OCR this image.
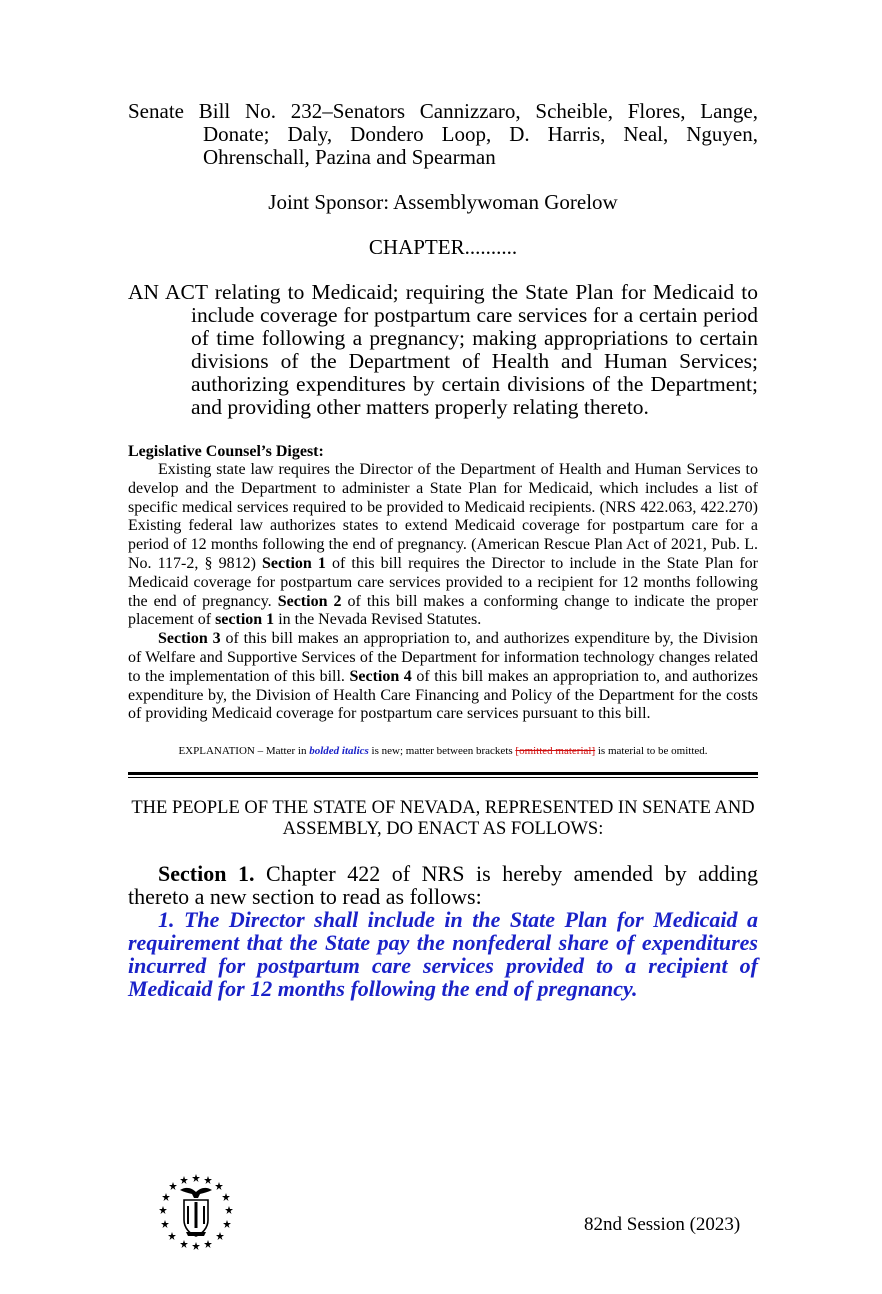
Senate Bill No. 232–Senators Cannizzaro, Scheible, Flores, Lange, Donate; Daly, Dondero Loop, D. Harris, Neal, Nguyen, Ohrenschall, Pazina and Spearman

Joint Sponsor: Assemblywoman Gorelow

CHAPTER..........

AN ACT relating to Medicaid; requiring the State Plan for Medicaid to include coverage for postpartum care services for a certain period of time following a pregnancy; making appropriations to certain divisions of the Department of Health and Human Services; authorizing expenditures by certain divisions of the Department; and providing other matters properly relating thereto.

Legislative Counsel’s Digest:

Existing state law requires the Director of the Department of Health and Human Services to develop and the Department to administer a State Plan for Medicaid, which includes a list of specific medical services required to be provided to Medicaid recipients. (NRS 422.063, 422.270) Existing federal law authorizes states to extend Medicaid coverage for postpartum care for a period of 12 months following the end of pregnancy. (American Rescue Plan Act of 2021, Pub. L. No. 117-2, § 9812) Section 1 of this bill requires the Director to include in the State Plan for Medicaid coverage for postpartum care services provided to a recipient for 12 months following the end of pregnancy. Section 2 of this bill makes a conforming change to indicate the proper placement of section 1 in the Nevada Revised Statutes.

Section 3 of this bill makes an appropriation to, and authorizes expenditure by, the Division of Welfare and Supportive Services of the Department for information technology changes related to the implementation of this bill. Section 4 of this bill makes an appropriation to, and authorizes expenditure by, the Division of Health Care Financing and Policy of the Department for the costs of providing Medicaid coverage for postpartum care services pursuant to this bill.

EXPLANATION – Matter in bolded italics is new; matter between brackets [omitted material] is material to be omitted.

THE PEOPLE OF THE STATE OF NEVADA, REPRESENTED IN SENATE AND ASSEMBLY, DO ENACT AS FOLLOWS:

Section 1. Chapter 422 of NRS is hereby amended by adding thereto a new section to read as follows:

1. The Director shall include in the State Plan for Medicaid a requirement that the State pay the nonfederal share of expenditures incurred for postpartum care services provided to a recipient of Medicaid for 12 months following the end of pregnancy.

82nd Session (2023)
